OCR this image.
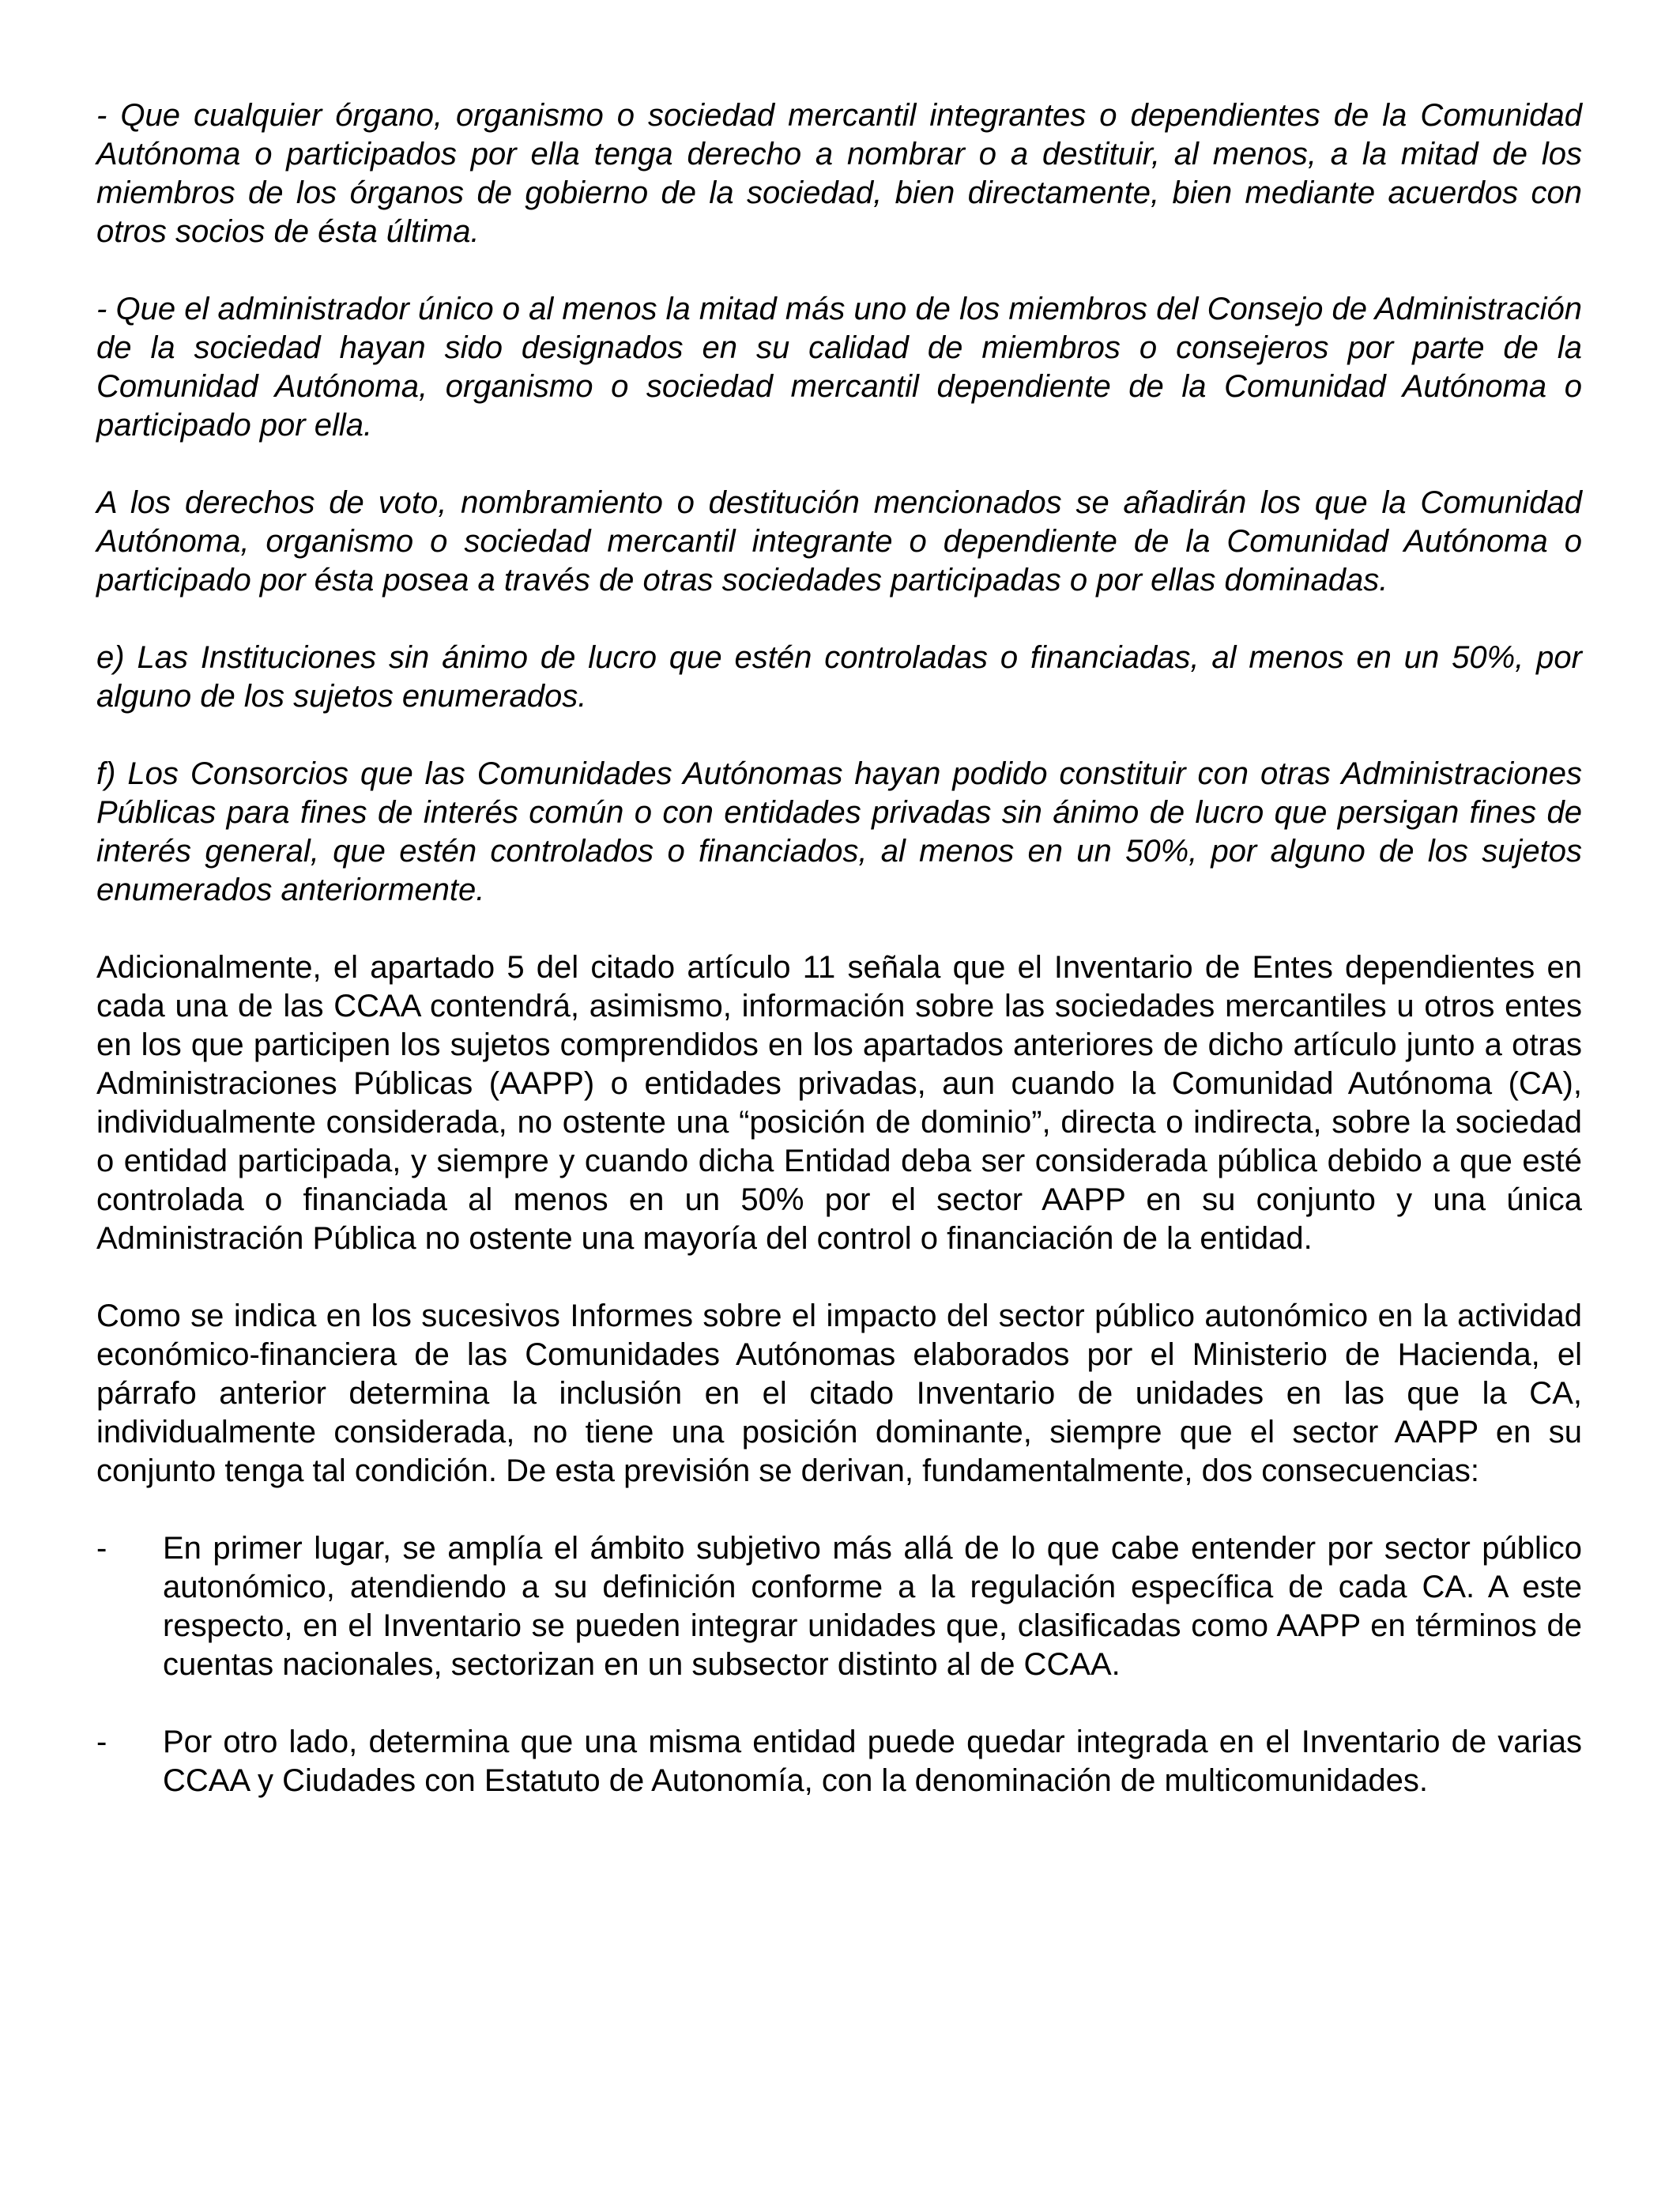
- Que cualquier órgano, organismo o sociedad mercantil integrantes o dependientes de la Comunidad Autónoma o participados por ella tenga derecho a nombrar o a destituir, al menos, a la mitad de los miembros de los órganos de gobierno de la sociedad, bien directamente, bien mediante acuerdos con otros socios de ésta última.

- Que el administrador único o al menos la mitad más uno de los miembros del Consejo de Administración de la sociedad hayan sido designados en su calidad de miembros o consejeros por parte de la Comunidad Autónoma, organismo o sociedad mercantil dependiente de la Comunidad Autónoma o participado por ella.

A los derechos de voto, nombramiento o destitución mencionados se añadirán los que la Comunidad Autónoma, organismo o sociedad mercantil integrante o dependiente de la Comunidad Autónoma o participado por ésta posea a través de otras sociedades participadas o por ellas dominadas.

e) Las Instituciones sin ánimo de lucro que estén controladas o financiadas, al menos en un 50%, por alguno de los sujetos enumerados.

f) Los Consorcios que las Comunidades Autónomas hayan podido constituir con otras Administraciones Públicas para fines de interés común o con entidades privadas sin ánimo de lucro que persigan fines de interés general, que estén controlados o financiados, al menos en un 50%, por alguno de los sujetos enumerados anteriormente.

Adicionalmente, el apartado 5 del citado artículo 11 señala que el Inventario de Entes dependientes en cada una de las CCAA contendrá, asimismo, información sobre las sociedades mercantiles u otros entes en los que participen los sujetos comprendidos en los apartados anteriores de dicho artículo junto a otras Administraciones Públicas (AAPP) o entidades privadas, aun cuando la Comunidad Autónoma (CA), individualmente considerada, no ostente una “posición de dominio”, directa o indirecta, sobre la sociedad o entidad participada, y siempre y cuando dicha Entidad deba ser considerada pública debido a que esté controlada o financiada al menos en un 50% por el sector AAPP en su conjunto y una única Administración Pública no ostente una mayoría del control o financiación de la entidad.

Como se indica en los sucesivos Informes sobre el impacto del sector público autonómico en la actividad económico-financiera de las Comunidades Autónomas elaborados por el Ministerio de Hacienda, el párrafo anterior determina la inclusión en el citado Inventario de unidades en las que la CA, individualmente considerada, no tiene una posición dominante, siempre que el sector AAPP en su conjunto tenga tal condición. De esta previsión se derivan, fundamentalmente, dos consecuencias:

-	En primer lugar, se amplía el ámbito subjetivo más allá de lo que cabe entender por sector público autonómico, atendiendo a su definición conforme a la regulación específica de cada CA. A este respecto, en el Inventario se pueden integrar unidades que, clasificadas como AAPP en términos de cuentas nacionales, sectorizan en un subsector distinto al de CCAA.
-	Por otro lado, determina que una misma entidad puede quedar integrada en el Inventario de varias CCAA y Ciudades con Estatuto de Autonomía, con la denominación de multicomunidades.
